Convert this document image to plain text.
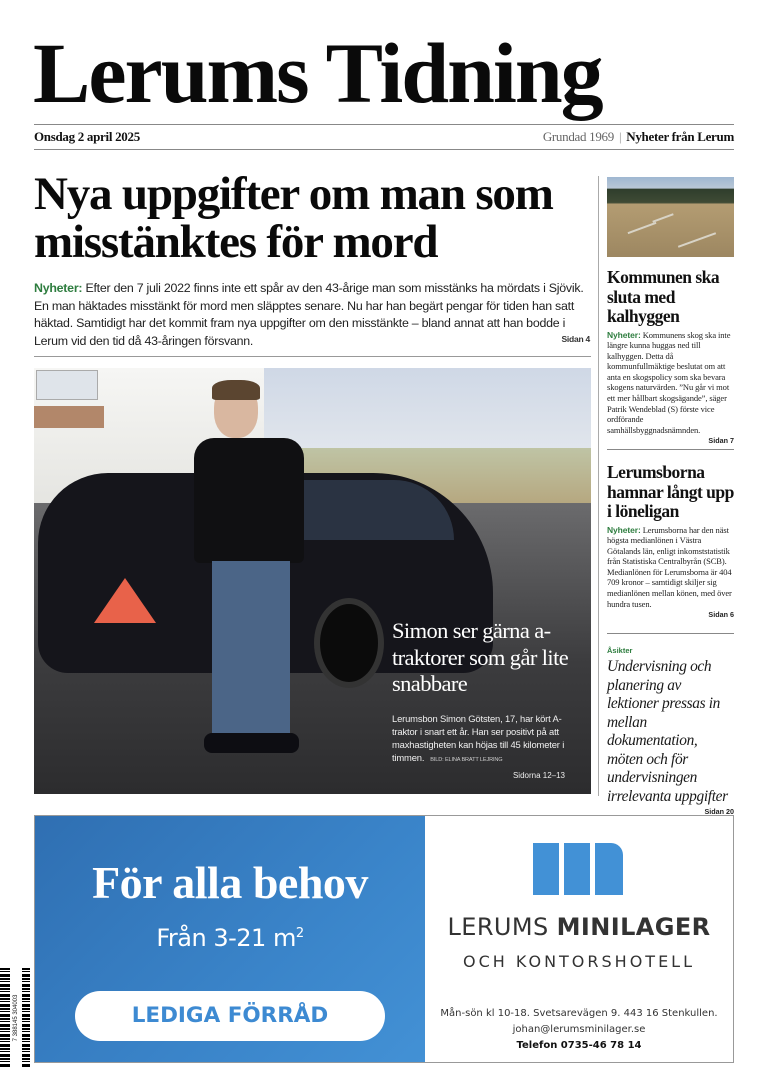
Lerums Tidning
Onsdag 2 april 2025	Grundad 1969 | Nyheter från Lerum
Nya uppgifter om man som misstänktes för mord
Nyheter: Efter den 7 juli 2022 finns inte ett spår av den 43-årige man som misstänks ha mördats i Sjövik. En man häktades misstänkt för mord men släpptes senare. Nu har han begärt pengar för tiden han satt häktad. Samtidigt har det kommit fram nya uppgifter om den misstänkte – bland annat att han bodde i Lerum vid den tid då 43-åringen försvann.	Sidan 4
Simon ser gärna a-traktorer som går lite snabbare
Lerumsbon Simon Götsten, 17, har kört A-traktor i snart ett år. Han ser positivt på att maxhastigheten kan höjas till 45 kilometer i timmen. BILD: ELINA BRATT LEJRING
Sidorna 12–13
Kommunen ska sluta med kalhyggen

Nyheter: Kommunens skog ska inte längre kunna huggas ned till kalhyggen. Detta då kommunfullmäktige beslutat om att anta en skogspolicy som ska bevara skogens naturvärden. ”Nu går vi mot ett mer hållbart skogsägande”, säger Patrik Wendeblad (S) förste vice ordförande samhällsbyggnadsnämnden.

Sidan 7
Lerumsborna hamnar långt upp i löneligan

Nyheter: Lerumsborna har den näst högsta medianlönen i Västra Götalands län, enligt inkomststatistik från Statistiska Centralbyrån (SCB). Medianlönen för Lerumsborna är 404 709 kronor – samtidigt skiljer sig medianlönen mellan könen, med över hundra tusen.

Sidan 6
Åsikter
Undervisning och planering av lektioner pressas in mellan dokumentation, möten och för undervisningen irrelevanta uppgifter
Sidan 20
För alla behov
Från 3-21 $m^2$
LEDIGA FÖRRÅD
LERUMS MINILAGER
OCH KONTORSHOTELL
Mån-sön kl 10-18. Svetsarevägen 9. 443 16 Stenkullen.
johan@lerumsminilager.se
Telefon 0735-46 78 14
7 388145 304003
